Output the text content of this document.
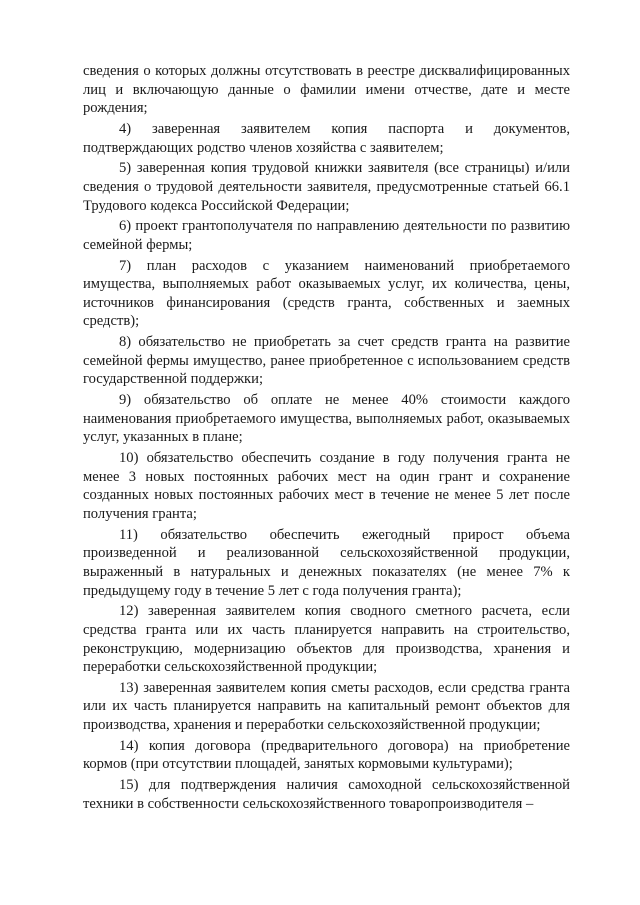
сведения о которых должны отсутствовать в реестре дисквалифицированных лиц и включающую данные о фамилии имени отчестве, дате и месте рождения;

4) заверенная заявителем копия паспорта и документов, подтверждающих родство членов хозяйства с заявителем;

5) заверенная копия трудовой книжки заявителя (все страницы) и/или сведения о трудовой деятельности заявителя, предусмотренные статьей 66.1 Трудового кодекса Российской Федерации;

6) проект грантополучателя по направлению деятельности по развитию семейной фермы;

7) план расходов с указанием наименований приобретаемого имущества, выполняемых работ оказываемых услуг, их количества, цены, источников финансирования (средств гранта, собственных и заемных средств);

8) обязательство не приобретать за счет средств гранта на развитие семейной фермы имущество, ранее приобретенное с использованием средств государственной поддержки;

9) обязательство об оплате не менее 40% стоимости каждого наименования приобретаемого имущества, выполняемых работ, оказываемых услуг, указанных в плане;

10) обязательство обеспечить создание в году получения гранта не менее 3 новых постоянных рабочих мест на один грант и сохранение созданных новых постоянных рабочих мест в течение не менее 5 лет после получения гранта;

11) обязательство обеспечить ежегодный прирост объема произведенной и реализованной сельскохозяйственной продукции, выраженный в натуральных и денежных показателях (не менее 7% к предыдущему году в течение 5 лет с года получения гранта);

12) заверенная заявителем копия сводного сметного расчета, если средства гранта или их часть планируется направить на строительство, реконструкцию, модернизацию объектов для производства, хранения и переработки сельскохозяйственной продукции;

13) заверенная заявителем копия сметы расходов, если средства гранта или их часть планируется направить на капитальный ремонт объектов для производства, хранения и переработки сельскохозяйственной продукции;

14) копия договора (предварительного договора) на приобретение кормов (при отсутствии площадей, занятых кормовыми культурами);

15) для подтверждения наличия самоходной сельскохозяйственной техники в собственности сельскохозяйственного товаропроизводителя –
